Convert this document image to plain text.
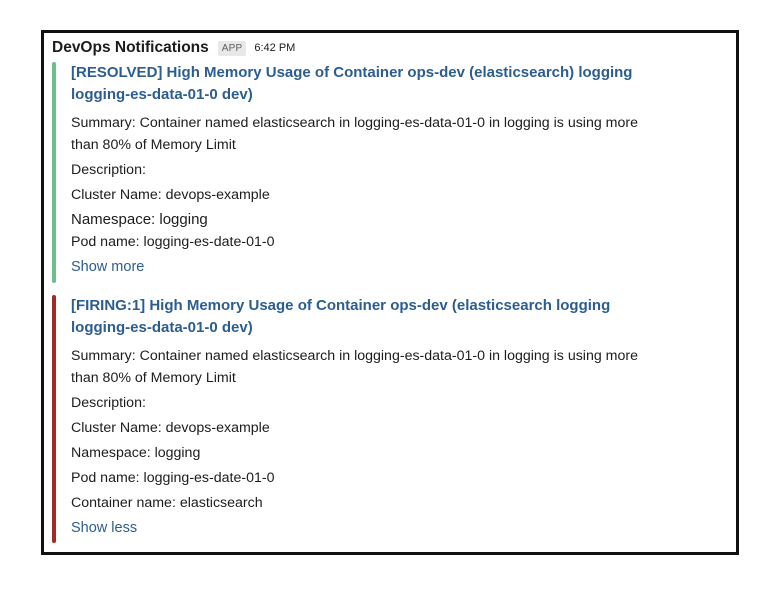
DevOps Notifications	APP	6:42 PM
[RESOLVED] High Memory Usage of Container ops-dev (elasticsearch) logging
logging-es-data-01-0 dev)
Summary: Container named elasticsearch in logging-es-data-01-0 in logging is using more
than 80% of Memory Limit
Description:
Cluster Name: devops-example
Namespace: logging
Pod name: logging-es-date-01-0
Show more
[FIRING:1] High Memory Usage of Container ops-dev (elasticsearch logging
logging-es-data-01-0 dev)
Summary: Container named elasticsearch in logging-es-data-01-0 in logging is using more
than 80% of Memory Limit
Description:
Cluster Name: devops-example
Namespace: logging
Pod name: logging-es-date-01-0
Container name: elasticsearch
Show less
